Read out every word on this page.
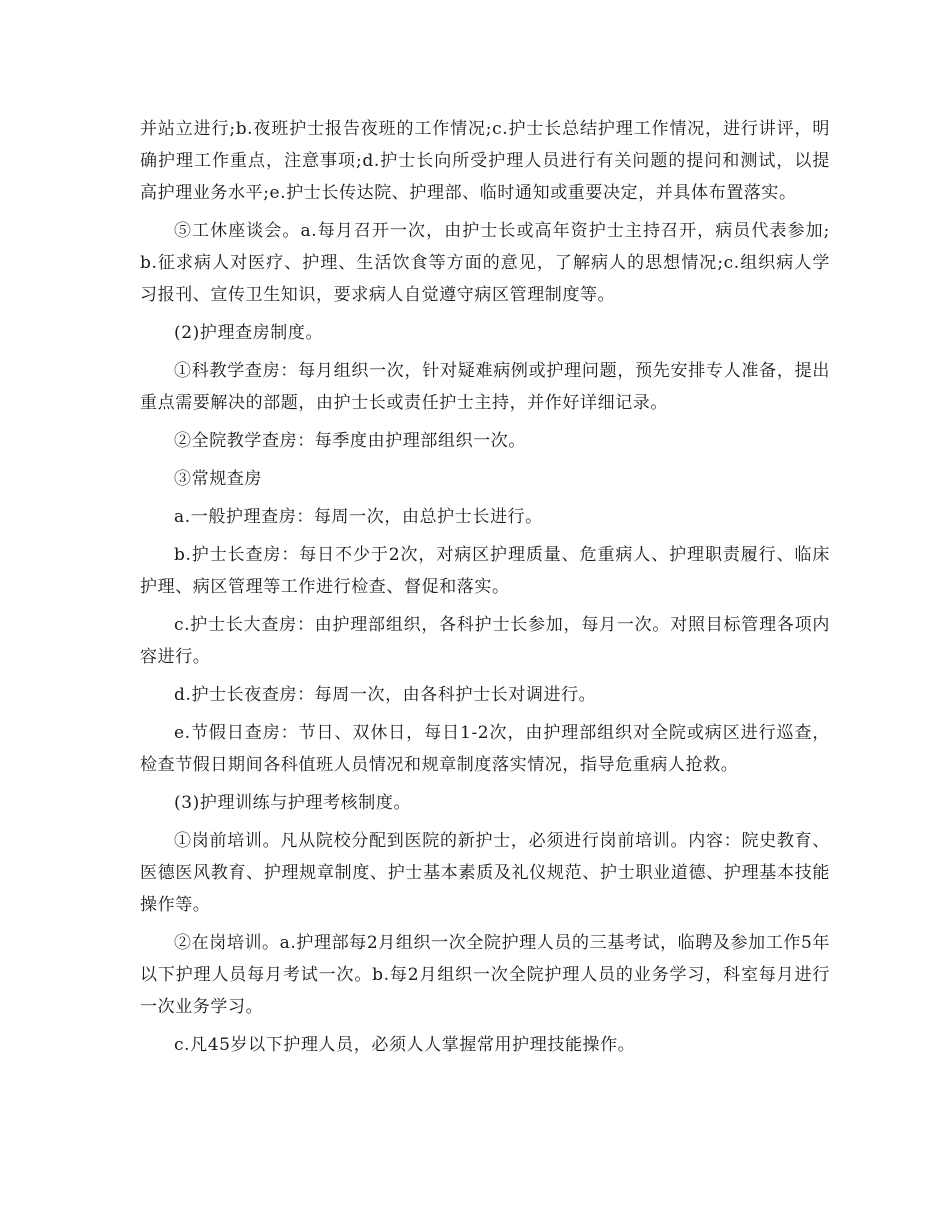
并站立进行;b.夜班护士报告夜班的工作情况;c.护士长总结护理工作情况，进行讲评，明确护理工作重点，注意事项;d.护士长向所受护理人员进行有关问题的提问和测试，以提高护理业务水平;e.护士长传达院、护理部、临时通知或重要决定，并具体布置落实。

⑤工休座谈会。a.每月召开一次，由护士长或高年资护士主持召开，病员代表参加;b.征求病人对医疗、护理、生活饮食等方面的意见，了解病人的思想情况;c.组织病人学习报刊、宣传卫生知识，要求病人自觉遵守病区管理制度等。

(2)护理查房制度。

①科教学查房：每月组织一次，针对疑难病例或护理问题，预先安排专人准备，提出重点需要解决的部题，由护士长或责任护士主持，并作好详细记录。

②全院教学查房：每季度由护理部组织一次。

③常规查房

a.一般护理查房：每周一次，由总护士长进行。

b.护士长查房：每日不少于2次，对病区护理质量、危重病人、护理职责履行、临床护理、病区管理等工作进行检查、督促和落实。

c.护士长大查房：由护理部组织，各科护士长参加，每月一次。对照目标管理各项内容进行。

d.护士长夜查房：每周一次，由各科护士长对调进行。

e.节假日查房：节日、双休日，每日1-2次，由护理部组织对全院或病区进行巡查，检查节假日期间各科值班人员情况和规章制度落实情况，指导危重病人抢救。

(3)护理训练与护理考核制度。

①岗前培训。凡从院校分配到医院的新护士，必须进行岗前培训。内容：院史教育、医德医风教育、护理规章制度、护士基本素质及礼仪规范、护士职业道德、护理基本技能操作等。

②在岗培训。a.护理部每2月组织一次全院护理人员的三基考试，临聘及参加工作5年以下护理人员每月考试一次。b.每2月组织一次全院护理人员的业务学习，科室每月进行一次业务学习。

c.凡45岁以下护理人员，必须人人掌握常用护理技能操作。
